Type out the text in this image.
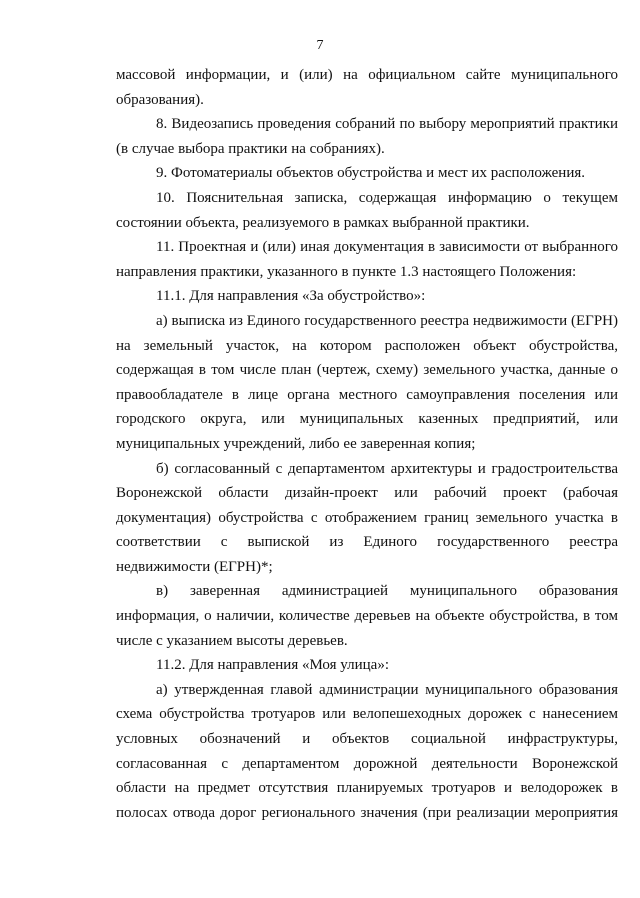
7
массовой информации, и (или) на официальном сайте муниципального
образования).
8. Видеозапись проведения собраний по выбору мероприятий практики
(в случае выбора практики на собраниях).
9. Фотоматериалы объектов обустройства и мест их расположения.
10. Пояснительная записка, содержащая информацию о текущем
состоянии объекта, реализуемого в рамках выбранной практики.
11. Проектная и (или) иная документация в зависимости от выбранного
направления практики, указанного в пункте 1.3 настоящего Положения:
11.1. Для направления «За обустройство»:
а) выписка из Единого государственного реестра недвижимости (ЕГРН)
на земельный участок, на котором расположен объект обустройства,
содержащая в том числе план (чертеж, схему) земельного участка, данные о
правообладателе в лице органа местного самоуправления поселения или
городского округа, или муниципальных казенных предприятий, или
муниципальных учреждений, либо ее заверенная копия;
б) согласованный с департаментом архитектуры и градостроительства
Воронежской области дизайн-проект или рабочий проект (рабочая
документация) обустройства с отображением границ земельного участка в
соответствии с выпиской из Единого государственного реестра
недвижимости (ЕГРН)*;
в) заверенная администрацией муниципального образования
информация, о наличии, количестве деревьев на объекте обустройства, в том
числе с указанием высоты деревьев.
11.2. Для направления «Моя улица»:
а) утвержденная главой администрации муниципального образования
схема обустройства тротуаров или велопешеходных дорожек с нанесением
условных обозначений и объектов социальной инфраструктуры,
согласованная с департаментом дорожной деятельности Воронежской
области на предмет отсутствия планируемых тротуаров и велодорожек в
полосах отвода дорог регионального значения (при реализации мероприятия
